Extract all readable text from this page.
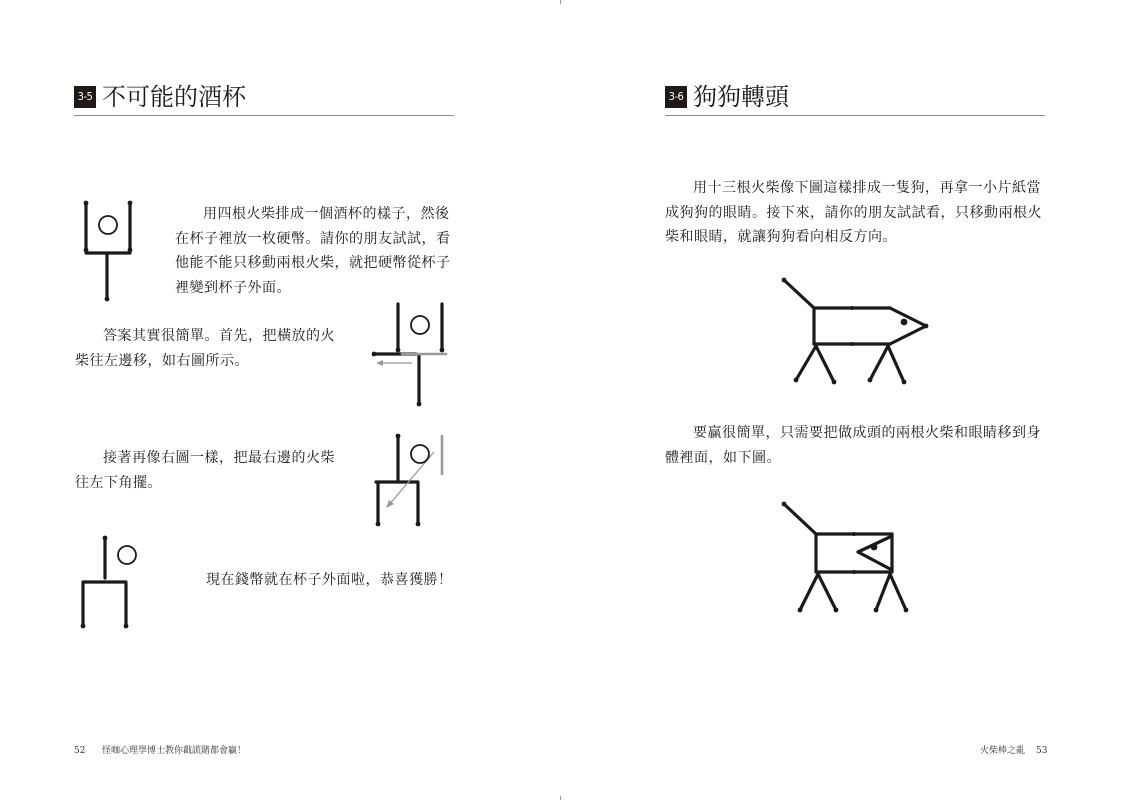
3-5 不可能的酒杯
用四根火柴排成一個酒杯的樣子，然後在杯子裡放一枚硬幣。請你的朋友試試，看他能不能只移動兩根火柴，就把硬幣從杯子裡變到杯子外面。
答案其實很簡單。首先，把橫放的火柴往左邊移，如右圖所示。
接著再像右圖一樣，把最右邊的火柴往左下角擺。
現在錢幣就在杯子外面啦，恭喜獲勝！
52 怪咖心理學博士教你戳謊賭都會贏！
3-6 狗狗轉頭
用十三根火柴像下圖這樣排成一隻狗，再拿一小片紙當成狗狗的眼睛。接下來，請你的朋友試試看，只移動兩根火柴和眼睛，就讓狗狗看向相反方向。
要贏很簡單，只需要把做成頭的兩根火柴和眼睛移到身體裡面，如下圖。
火柴棒之亂 53
